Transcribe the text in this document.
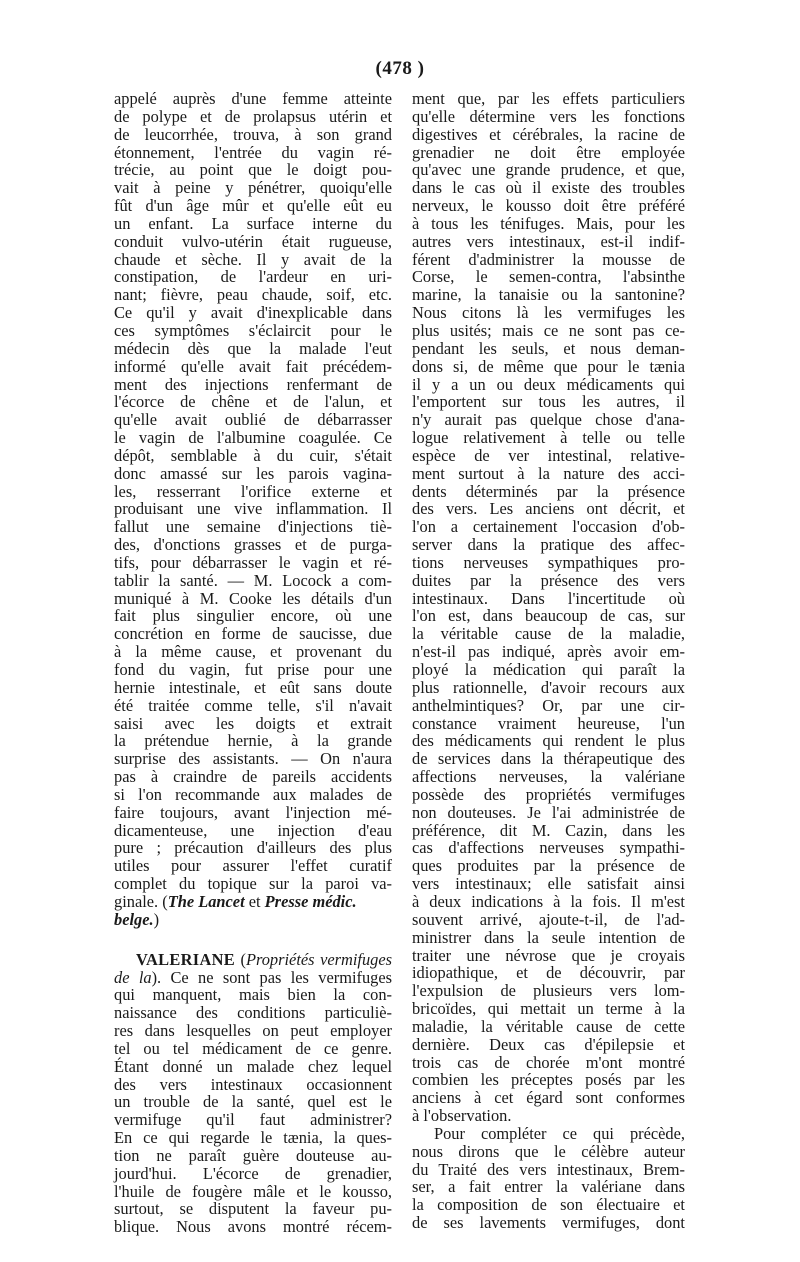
(478 )
appelé auprès d'une femme atteinte
de polype et de prolapsus utérin et
de leucorrhée, trouva, à son grand
étonnement, l'entrée du vagin ré-
trécie, au point que le doigt pou-
vait à peine y pénétrer, quoiqu'elle
fût d'un âge mûr et qu'elle eût eu
un enfant. La surface interne du
conduit vulvo-utérin était rugueuse,
chaude et sèche. Il y avait de la
constipation, de l'ardeur en uri-
nant; fièvre, peau chaude, soif, etc.
Ce qu'il y avait d'inexplicable dans
ces symptômes s'éclaircit pour le
médecin dès que la malade l'eut
informé qu'elle avait fait précédem-
ment des injections renfermant de
l'écorce de chêne et de l'alun, et
qu'elle avait oublié de débarrasser
le vagin de l'albumine coagulée. Ce
dépôt, semblable à du cuir, s'était
donc amassé sur les parois vagina-
les, resserrant l'orifice externe et
produisant une vive inflammation. Il
fallut une semaine d'injections tiè-
des, d'onctions grasses et de purga-
tifs, pour débarrasser le vagin et ré-
tablir la santé. — M. Locock a com-
muniqué à M. Cooke les détails d'un
fait plus singulier encore, où une
concrétion en forme de saucisse, due
à la même cause, et provenant du
fond du vagin, fut prise pour une
hernie intestinale, et eût sans doute
été traitée comme telle, s'il n'avait
saisi avec les doigts et extrait
la prétendue hernie, à la grande
surprise des assistants. — On n'aura
pas à craindre de pareils accidents
si l'on recommande aux malades de
faire toujours, avant l'injection mé-
dicamenteuse, une injection d'eau
pure ; précaution d'ailleurs des plus
utiles pour assurer l'effet curatif
complet du topique sur la paroi va-
ginale. (The Lancet et Presse médic.
belge.)
VALERIANE (Propriétés vermifuges
de la). Ce ne sont pas les vermifuges
qui manquent, mais bien la con-
naissance des conditions particuliè-
res dans lesquelles on peut employer
tel ou tel médicament de ce genre.
Étant donné un malade chez lequel
des vers intestinaux occasionnent
un trouble de la santé, quel est le
vermifuge qu'il faut administrer?
En ce qui regarde le tænia, la ques-
tion ne paraît guère douteuse au-
jourd'hui. L'écorce de grenadier,
l'huile de fougère mâle et le kousso,
surtout, se disputent la faveur pu-
blique. Nous avons montré récem-
ment que, par les effets particuliers
qu'elle détermine vers les fonctions
digestives et cérébrales, la racine de
grenadier ne doit être employée
qu'avec une grande prudence, et que,
dans le cas où il existe des troubles
nerveux, le kousso doit être préféré
à tous les ténifuges. Mais, pour les
autres vers intestinaux, est-il indif-
férent d'administrer la mousse de
Corse, le semen-contra, l'absinthe
marine, la tanaisie ou la santonine?
Nous citons là les vermifuges les
plus usités; mais ce ne sont pas ce-
pendant les seuls, et nous deman-
dons si, de même que pour le tænia
il y a un ou deux médicaments qui
l'emportent sur tous les autres, il
n'y aurait pas quelque chose d'ana-
logue relativement à telle ou telle
espèce de ver intestinal, relative-
ment surtout à la nature des acci-
dents déterminés par la présence
des vers. Les anciens ont décrit, et
l'on a certainement l'occasion d'ob-
server dans la pratique des affec-
tions nerveuses sympathiques pro-
duites par la présence des vers
intestinaux. Dans l'incertitude où
l'on est, dans beaucoup de cas, sur
la véritable cause de la maladie,
n'est-il pas indiqué, après avoir em-
ployé la médication qui paraît la
plus rationnelle, d'avoir recours aux
anthelmintiques? Or, par une cir-
constance vraiment heureuse, l'un
des médicaments qui rendent le plus
de services dans la thérapeutique des
affections nerveuses, la valériane
possède des propriétés vermifuges
non douteuses. Je l'ai administrée de
préférence, dit M. Cazin, dans les
cas d'affections nerveuses sympathi-
ques produites par la présence de
vers intestinaux; elle satisfait ainsi
à deux indications à la fois. Il m'est
souvent arrivé, ajoute-t-il, de l'ad-
ministrer dans la seule intention de
traiter une névrose que je croyais
idiopathique, et de découvrir, par
l'expulsion de plusieurs vers lom-
bricoïdes, qui mettait un terme à la
maladie, la véritable cause de cette
dernière. Deux cas d'épilepsie et
trois cas de chorée m'ont montré
combien les préceptes posés par les
anciens à cet égard sont conformes
à l'observation.
Pour compléter ce qui précède,
nous dirons que le célèbre auteur
du Traité des vers intestinaux, Brem-
ser, a fait entrer la valériane dans
la composition de son électuaire et
de ses lavements vermifuges, dont
